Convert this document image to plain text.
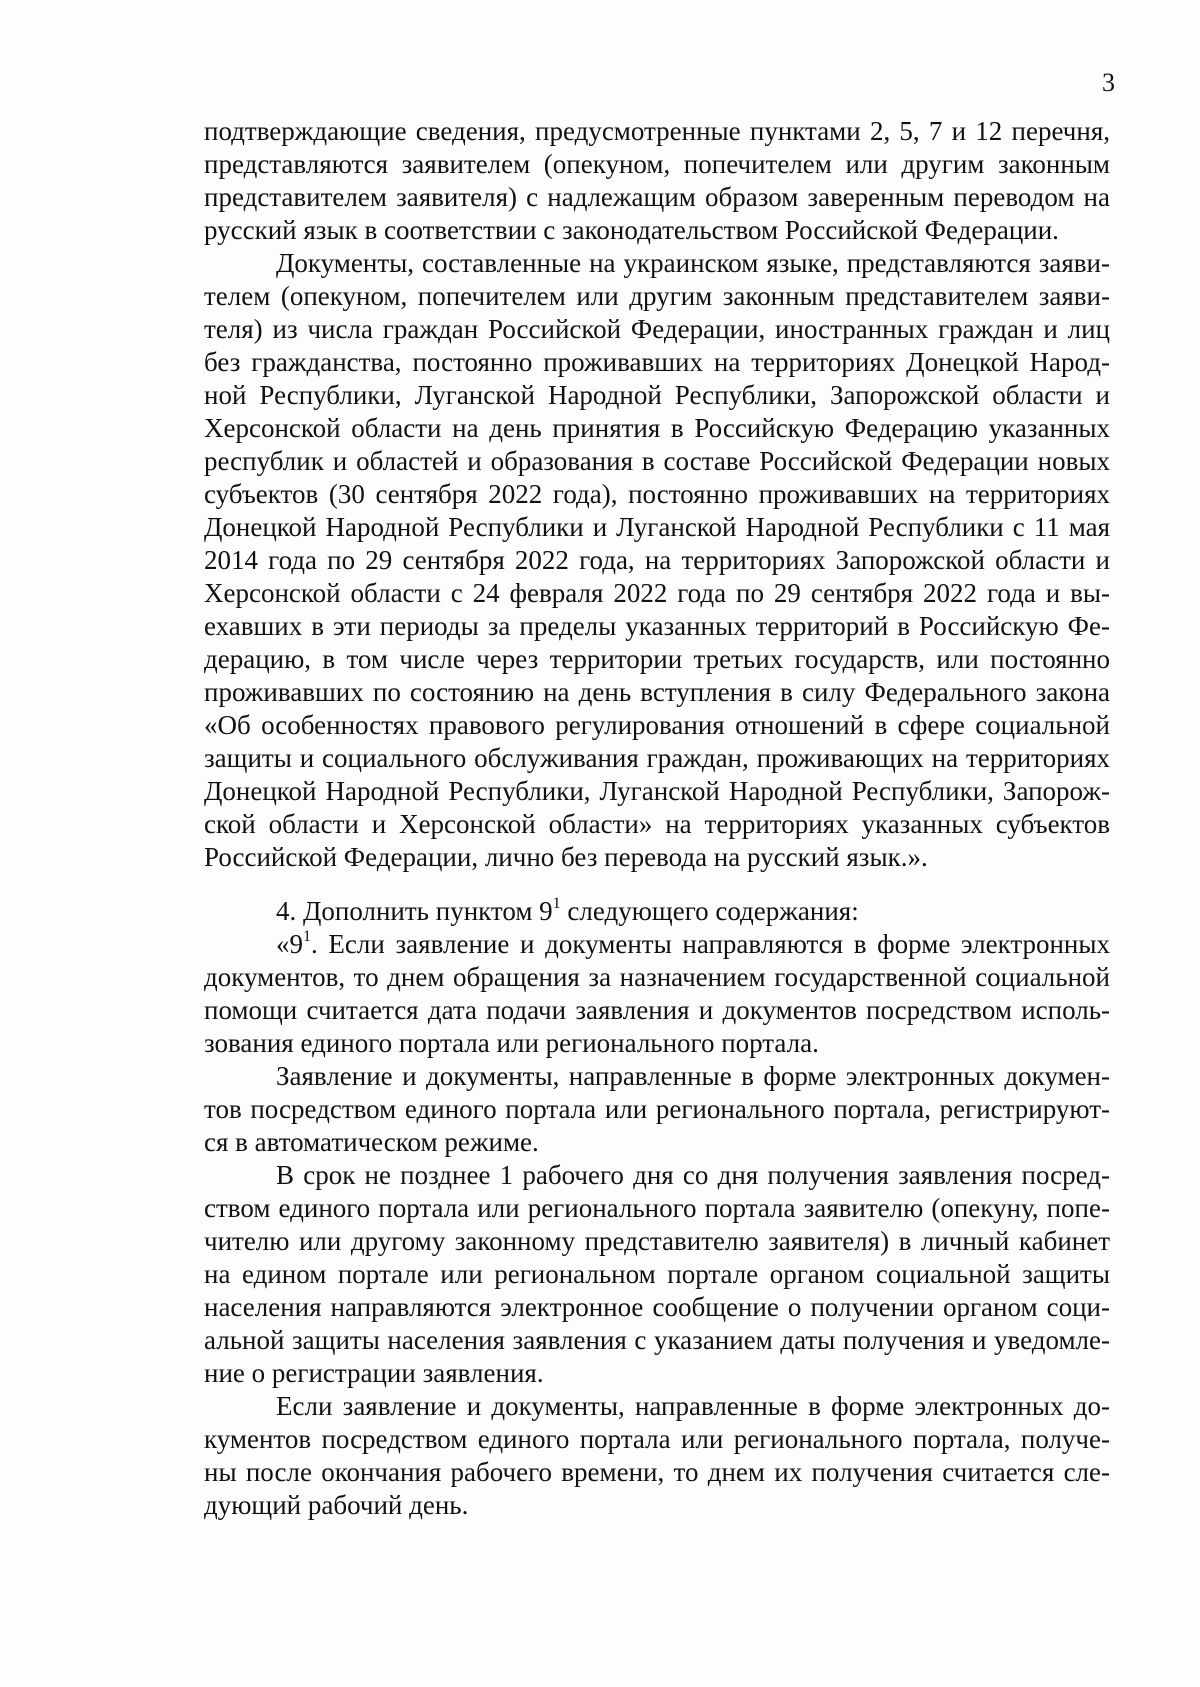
3
подтверждающие сведения, предусмотренные пунктами 2, 5, 7 и 12 перечня,
представляются заявителем (опекуном, попечителем или другим законным
представителем заявителя) с надлежащим образом заверенным переводом на
русский язык в соответствии с законодательством Российской Федерации.
Документы, составленные на украинском языке, представляются заяви-
телем (опекуном, попечителем или другим законным представителем заяви-
теля) из числа граждан Российской Федерации, иностранных граждан и лиц
без гражданства, постоянно проживавших на территориях Донецкой Народ-
ной Республики, Луганской Народной Республики, Запорожской области и
Херсонской области на день принятия в Российскую Федерацию указанных
республик и областей и образования в составе Российской Федерации новых
субъектов (30 сентября 2022 года), постоянно проживавших на территориях
Донецкой Народной Республики и Луганской Народной Республики с 11 мая
2014 года по 29 сентября 2022 года, на территориях Запорожской области и
Херсонской области с 24 февраля 2022 года по 29 сентября 2022 года и вы-
ехавших в эти периоды за пределы указанных территорий в Российскую Фе-
дерацию, в том числе через территории третьих государств, или постоянно
проживавших по состоянию на день вступления в силу Федерального закона
«Об особенностях правового регулирования отношений в сфере социальной
защиты и социального обслуживания граждан, проживающих на территориях
Донецкой Народной Республики, Луганской Народной Республики, Запорож-
ской области и Херсонской области» на территориях указанных субъектов
Российской Федерации, лично без перевода на русский язык.».
4. Дополнить пунктом $9^1$ следующего содержания:
«$9^1$. Если заявление и документы направляются в форме электронных
документов, то днем обращения за назначением государственной социальной
помощи считается дата подачи заявления и документов посредством исполь-
зования единого портала или регионального портала.
Заявление и документы, направленные в форме электронных докумен-
тов посредством единого портала или регионального портала, регистрируют-
ся в автоматическом режиме.
В срок не позднее 1 рабочего дня со дня получения заявления посред-
ством единого портала или регионального портала заявителю (опекуну, попе-
чителю или другому законному представителю заявителя) в личный кабинет
на едином портале или региональном портале органом социальной защиты
населения направляются электронное сообщение о получении органом соци-
альной защиты населения заявления с указанием даты получения и уведомле-
ние о регистрации заявления.
Если заявление и документы, направленные в форме электронных до-
кументов посредством единого портала или регионального портала, получе-
ны после окончания рабочего времени, то днем их получения считается сле-
дующий рабочий день.
